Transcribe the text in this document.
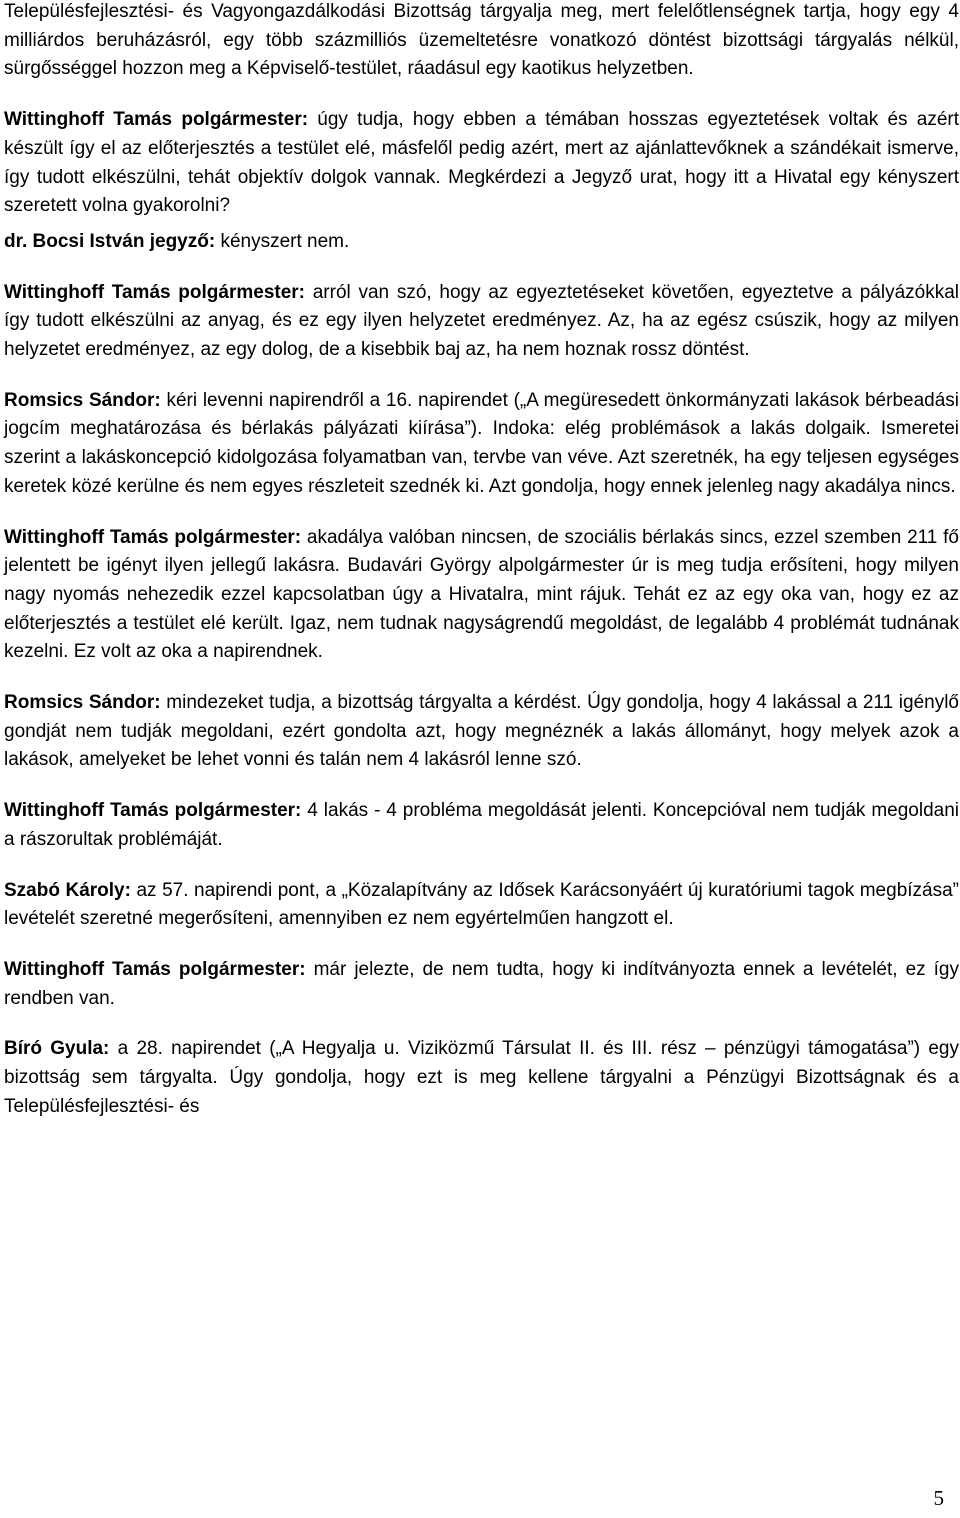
Településfejlesztési- és Vagyongazdálkodási Bizottság tárgyalja meg, mert felelőtlenségnek tartja, hogy egy 4 milliárdos beruházásról, egy több százmilliós üzemeltetésre vonatkozó döntést bizottsági tárgyalás nélkül, sürgősséggel hozzon meg a Képviselő-testület, ráadásul egy kaotikus helyzetben.

Wittinghoff Tamás polgármester: úgy tudja, hogy ebben a témában hosszas egyeztetések voltak és azért készült így el az előterjesztés a testület elé, másfelől pedig azért, mert az ajánlattevőknek a szándékait ismerve, így tudott elkészülni, tehát objektív dolgok vannak. Megkérdezi a Jegyző urat, hogy itt a Hivatal egy kényszert szeretett volna gyakorolni?

dr. Bocsi István jegyző: kényszert nem.

Wittinghoff Tamás polgármester: arról van szó, hogy az egyeztetéseket követően, egyeztetve a pályázókkal így tudott elkészülni az anyag, és ez egy ilyen helyzetet eredményez. Az, ha az egész csúszik, hogy az milyen helyzetet eredményez, az egy dolog, de a kisebbik baj az, ha nem hoznak rossz döntést.

Romsics Sándor: kéri levenni napirendről a 16. napirendet („A megüresedett önkormányzati lakások bérbeadási jogcím meghatározása és bérlakás pályázati kiírása”). Indoka: elég problémások a lakás dolgaik. Ismeretei szerint a lakáskoncepció kidolgozása folyamatban van, tervbe van véve. Azt szeretnék, ha egy teljesen egységes keretek közé kerülne és nem egyes részleteit szednék ki. Azt gondolja, hogy ennek jelenleg nagy akadálya nincs.

Wittinghoff Tamás polgármester: akadálya valóban nincsen, de szociális bérlakás sincs, ezzel szemben 211 fő jelentett be igényt ilyen jellegű lakásra. Budavári György alpolgármester úr is meg tudja erősíteni, hogy milyen nagy nyomás nehezedik ezzel kapcsolatban úgy a Hivatalra, mint rájuk. Tehát ez az egy oka van, hogy ez az előterjesztés a testület elé került. Igaz, nem tudnak nagyságrendű megoldást, de legalább 4 problémát tudnának kezelni. Ez volt az oka a napirendnek.

Romsics Sándor: mindezeket tudja, a bizottság tárgyalta a kérdést. Úgy gondolja, hogy 4 lakással a 211 igénylő gondját nem tudják megoldani, ezért gondolta azt, hogy megnéznék a lakás állományt, hogy melyek azok a lakások, amelyeket be lehet vonni és talán nem 4 lakásról lenne szó.

Wittinghoff Tamás polgármester: 4 lakás - 4 probléma megoldását jelenti. Koncepcióval nem tudják megoldani a rászorultak problémáját.

Szabó Károly: az 57. napirendi pont, a „Közalapítvány az Idősek Karácsonyáért új kuratóriumi tagok megbízása” levételét szeretné megerősíteni, amennyiben ez nem egyértelműen hangzott el.

Wittinghoff Tamás polgármester: már jelezte, de nem tudta, hogy ki indítványozta ennek a levételét, ez így rendben van.

Bíró Gyula: a 28. napirendet („A Hegyalja u. Viziközmű Társulat II. és III. rész – pénzügyi támogatása”) egy bizottság sem tárgyalta. Úgy gondolja, hogy ezt is meg kellene tárgyalni a Pénzügyi Bizottságnak és a Településfejlesztési- és

5
